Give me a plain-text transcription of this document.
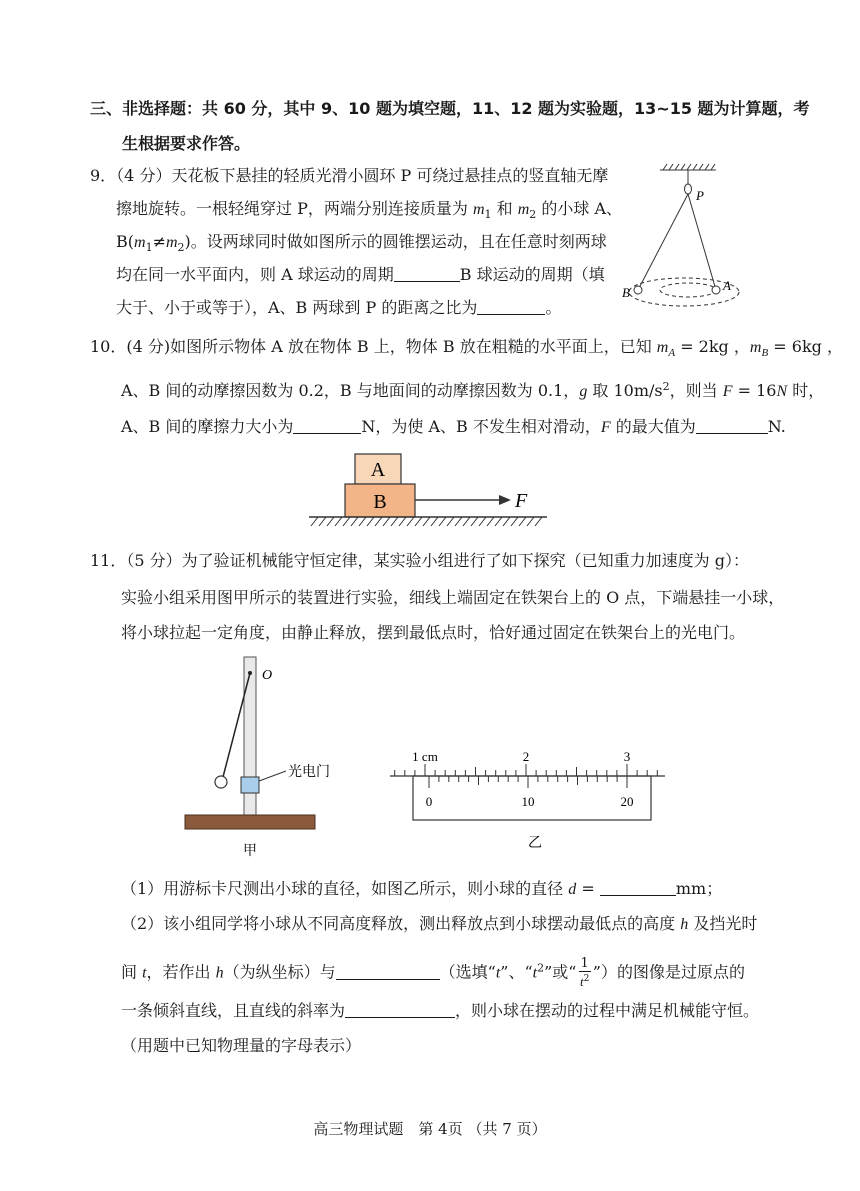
三、非选择题：共 60 分，其中 9、10 题为填空题，11、12 题为实验题，13~15 题为计算题，考
生根据要求作答。
9．（4 分）天花板下悬挂的轻质光滑小圆环 P 可绕过悬挂点的竖直轴无摩
擦地旋转。一根轻绳穿过 P，两端分别连接质量为 $m_1$ 和 $m_2$ 的小球 A、
$B(m_1\ne m_2)$。设两球同时做如图所示的圆锥摆运动，且在任意时刻两球
均在同一水平面内，则 A 球运动的周期	B 球运动的周期（填
大于、小于或等于），A、B 两球到 P 的距离之比为	。
P
A
B
10．(4 分)如图所示物体 A 放在物体 B 上，物体 B 放在粗糙的水平面上，已知 $m_A = 2kg$ ，$m_B = 6kg$ ，
A、B 间的动摩擦因数为 0.2，B 与地面间的动摩擦因数为 0.1，g 取 $10m/s^2$，则当 F = 16N 时，
A、B 间的摩擦力大小为	N，为使 A、B 不发生相对滑动，F 的最大值为	N.
A
B	F
11．（5 分）为了验证机械能守恒定律，某实验小组进行了如下探究（已知重力加速度为 g）：
实验小组采用图甲所示的装置进行实验，细线上端固定在铁架台上的 O 点，下端悬挂一小球，
将小球拉起一定角度，由静止释放，摆到最低点时，恰好通过固定在铁架台上的光电门。
O
光电门
甲
1 cm	2	3
0	10	20
乙
（1）用游标卡尺测出小球的直径，如图乙所示，则小球的直径 d =	mm；
（2）该小组同学将小球从不同高度释放，测出释放点到小球摆动最低点的高度 h 及挡光时
间 t，若作出 h（为纵坐标）与	（选填“t”、“$t^2$”或“ $\frac{1}{t^2}$ ”）的图像是过原点的
一条倾斜直线，且直线的斜率为	，则小球在摆动的过程中满足机械能守恒。
（用题中已知物理量的字母表示）
高三物理试题　第 4页 （共 7 页）
